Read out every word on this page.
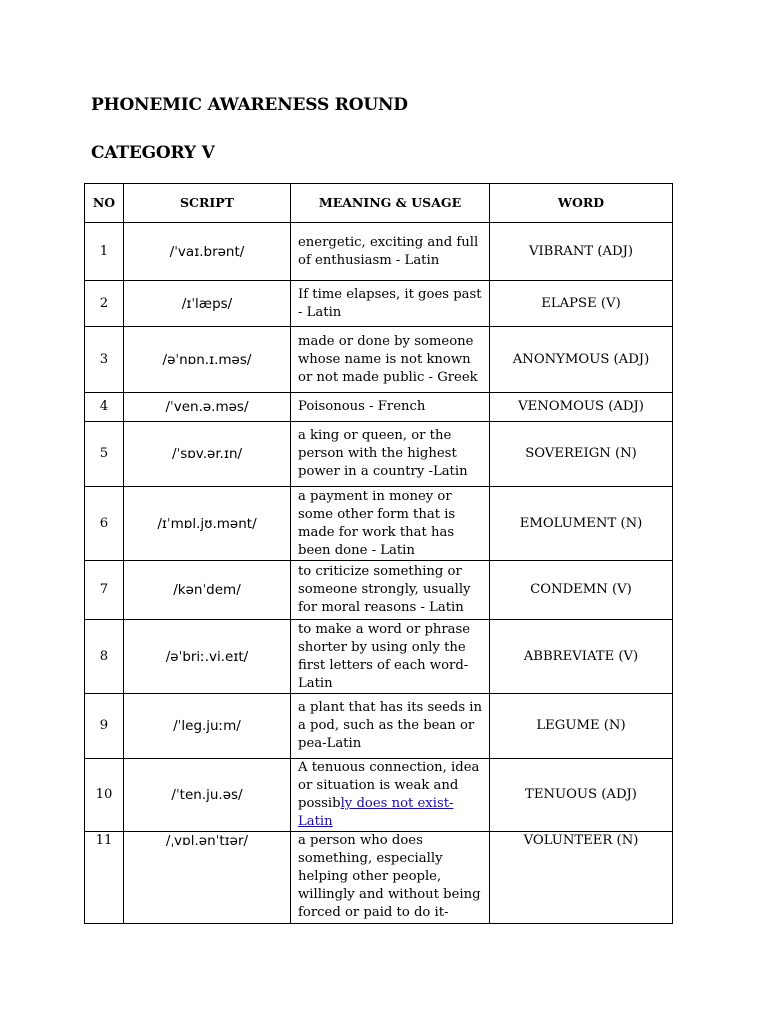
PHONEMIC AWARENESS ROUND
CATEGORY V
NO	SCRIPT	MEANING & USAGE	WORD
1	/ˈvaɪ.brənt/	energetic, exciting and full of enthusiasm - Latin	VIBRANT (ADJ)
2	/ɪˈlæps/	If time elapses, it goes past - Latin	ELAPSE (V)
3	/əˈnɒn.ɪ.məs/	made or done by someone whose name is not known or not made public - Greek	ANONYMOUS (ADJ)
4	/ˈven.ə.məs/	Poisonous - French	VENOMOUS (ADJ)
5	/ˈsɒv.ər.ɪn/	a king or queen, or the person with the highest power in a country -Latin	SOVEREIGN (N)
6	/ɪˈmɒl.jʊ.mənt/	a payment in money or some other form that is made for work that has been done - Latin	EMOLUMENT (N)
7	/kənˈdem/	to criticize something or someone strongly, usually for moral reasons - Latin	CONDEMN (V)
8	/əˈbriː.vi.eɪt/	to make a word or phrase shorter by using only the first letters of each word- Latin	ABBREVIATE (V)
9	/ˈleg.juːm/	a plant that has its seeds in a pod, such as the bean or pea-Latin	LEGUME (N)
10	/ˈten.ju.əs/	A tenuous connection, idea or situation is weak and possibly does not exist-Latin	TENUOUS (ADJ)
11	/ˌvɒl.ənˈtɪər/	a person who does something, especially helping other people, willingly and without being forced or paid to do it-	VOLUNTEER (N)
